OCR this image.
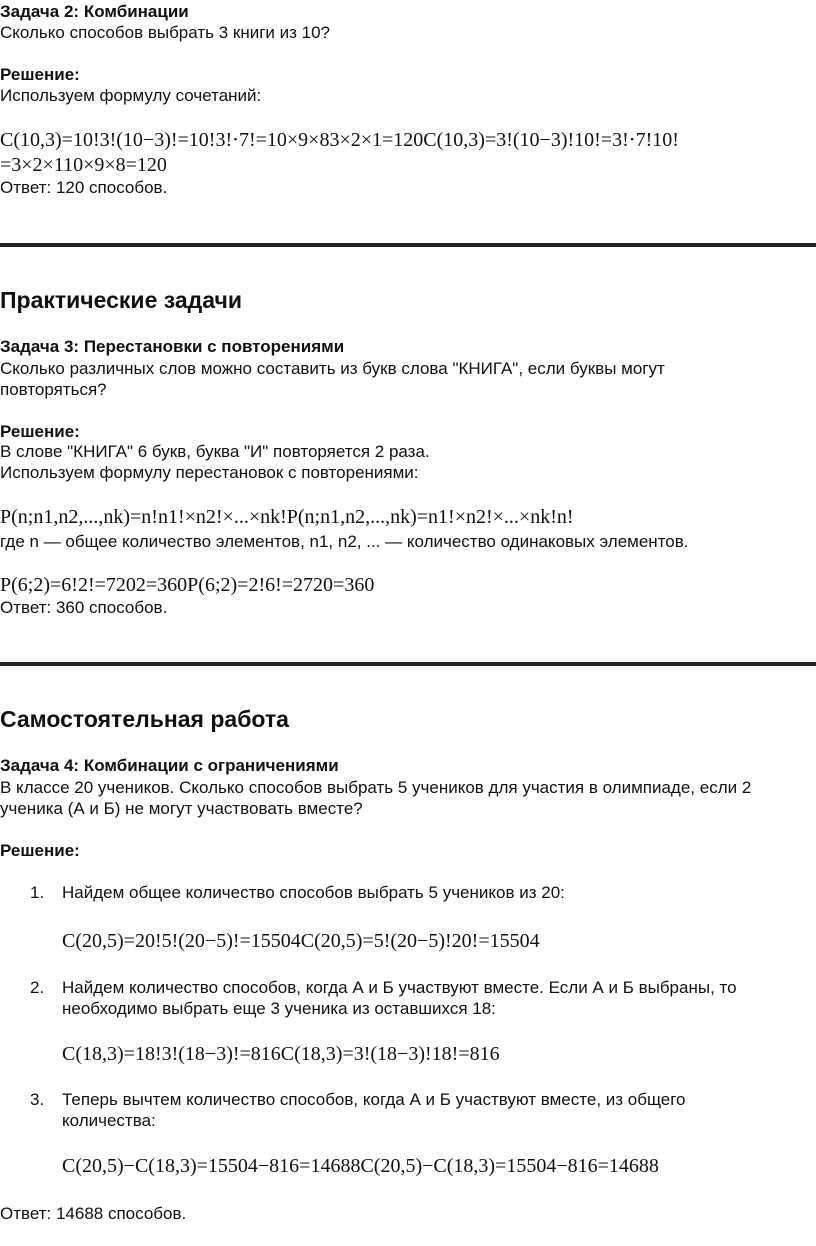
Задача 2: Комбинации

Сколько способов выбрать 3 книги из 10?

Решение:

Используем формулу сочетаний:

C(10,3)=10!3!(10−3)!=10!3!⋅7!=10×9×83×2×1=120C(10,3)=3!(10−3)!10!=3!⋅7!10!

=3×2×110×9×8=120

Ответ: 120 способов.

Практические задачи

Задача 3: Перестановки с повторениями

Сколько различных слов можно составить из букв слова "КНИГА", если буквы могут

повторяться?

Решение:

В слове "КНИГА" 6 букв, буква "И" повторяется 2 раза.

Используем формулу перестановок с повторениями:

P(n;n1,n2,...,nk)=n!n1!×n2!×...×nk!P(n;n1,n2,...,nk)=n1!×n2!×...×nk!n!

где n — общее количество элементов, n1, n2, ... — количество одинаковых элементов.

P(6;2)=6!2!=7202=360P(6;2)=2!6!=2720=360

Ответ: 360 способов.

Самостоятельная работа

Задача 4: Комбинации с ограничениями

В классе 20 учеников. Сколько способов выбрать 5 учеников для участия в олимпиаде, если 2

ученика (А и Б) не могут участвовать вместе?

Решение:

1. Найдем общее количество способов выбрать 5 учеников из 20:

C(20,5)=20!5!(20−5)!=15504C(20,5)=5!(20−5)!20!=15504

2. Найдем количество способов, когда А и Б участвуют вместе. Если А и Б выбраны, то

необходимо выбрать еще 3 ученика из оставшихся 18:

C(18,3)=18!3!(18−3)!=816C(18,3)=3!(18−3)!18!=816

3. Теперь вычтем количество способов, когда А и Б участвуют вместе, из общего

количества:

C(20,5)−C(18,3)=15504−816=14688C(20,5)−C(18,3)=15504−816=14688

Ответ: 14688 способов.
